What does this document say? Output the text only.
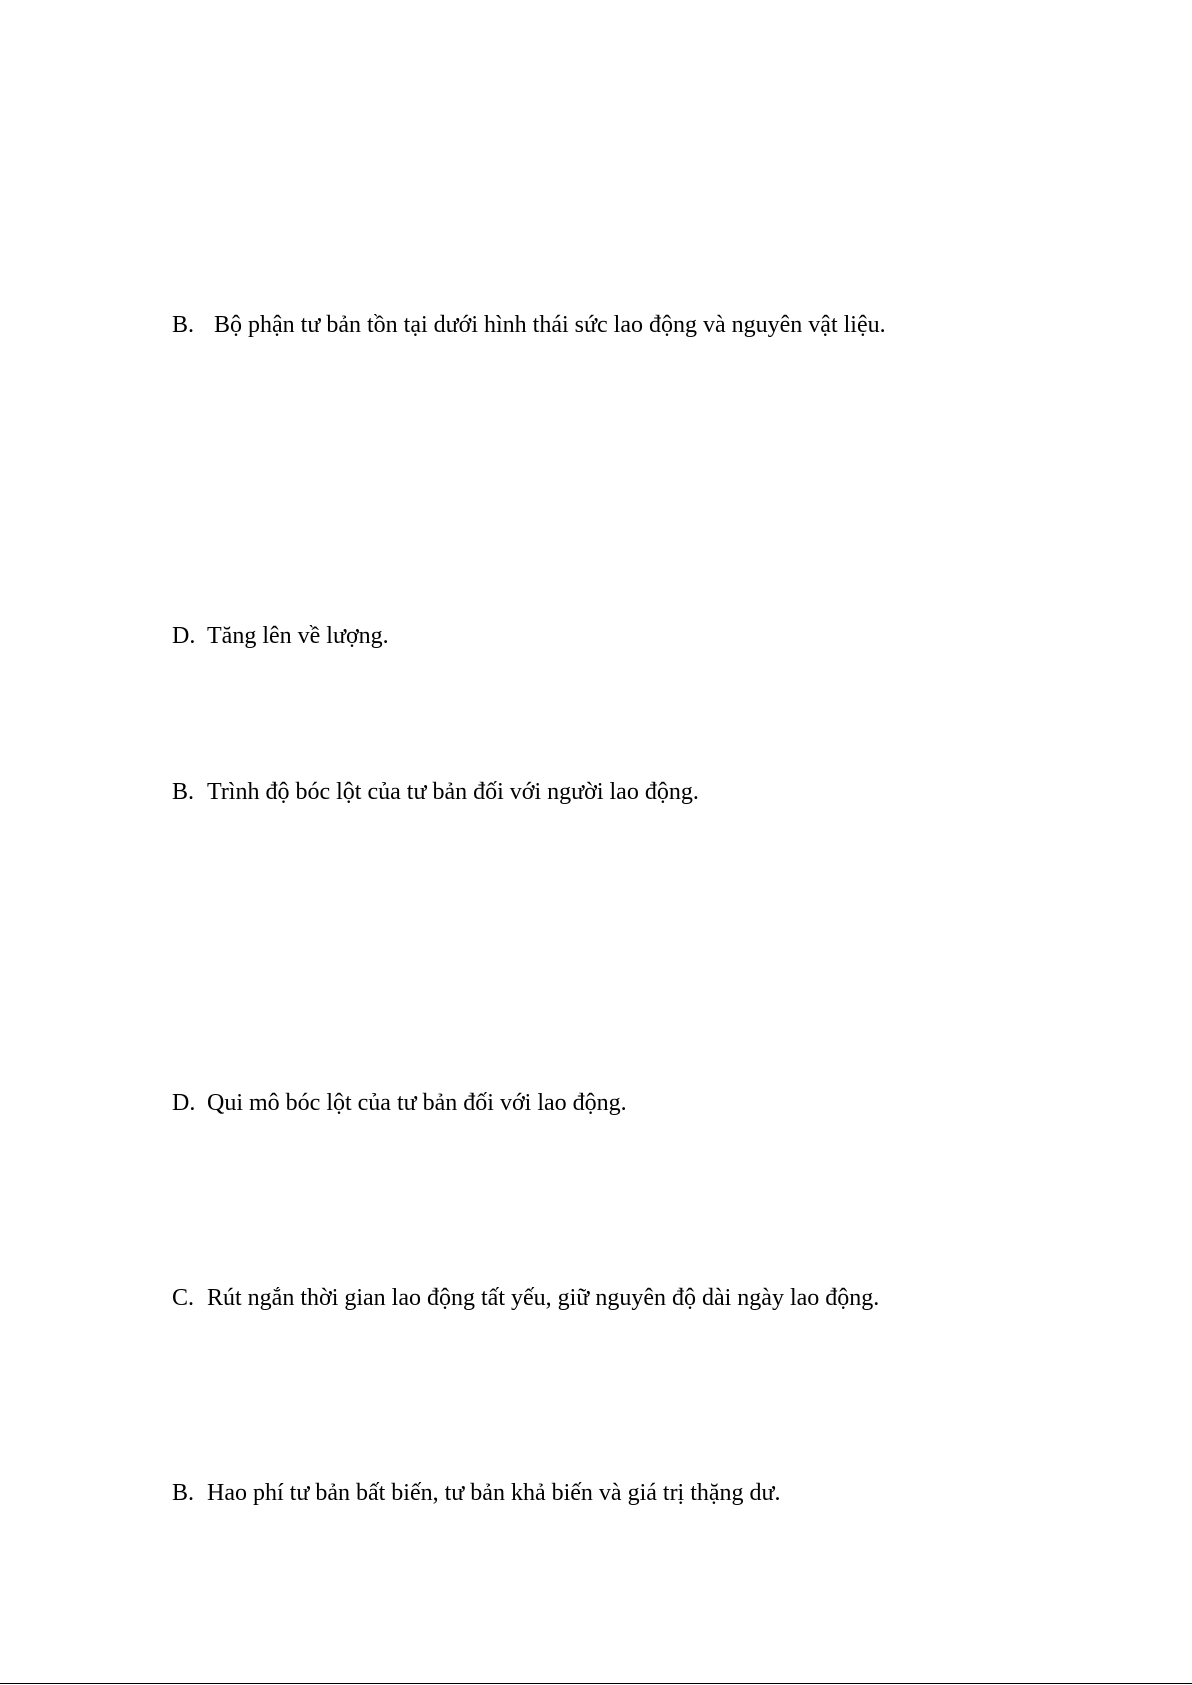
B. Bộ phận tư bản tồn tại dưới hình thái sức lao động và nguyên vật liệu.
D. Tăng lên về lượng.
B. Trình độ bóc lột của tư bản đối với người lao động.
D. Qui mô bóc lột của tư bản đối với lao động.
C. Rút ngắn thời gian lao động tất yếu, giữ nguyên độ dài ngày lao động.
B. Hao phí tư bản bất biến, tư bản khả biến và giá trị thặng dư.
